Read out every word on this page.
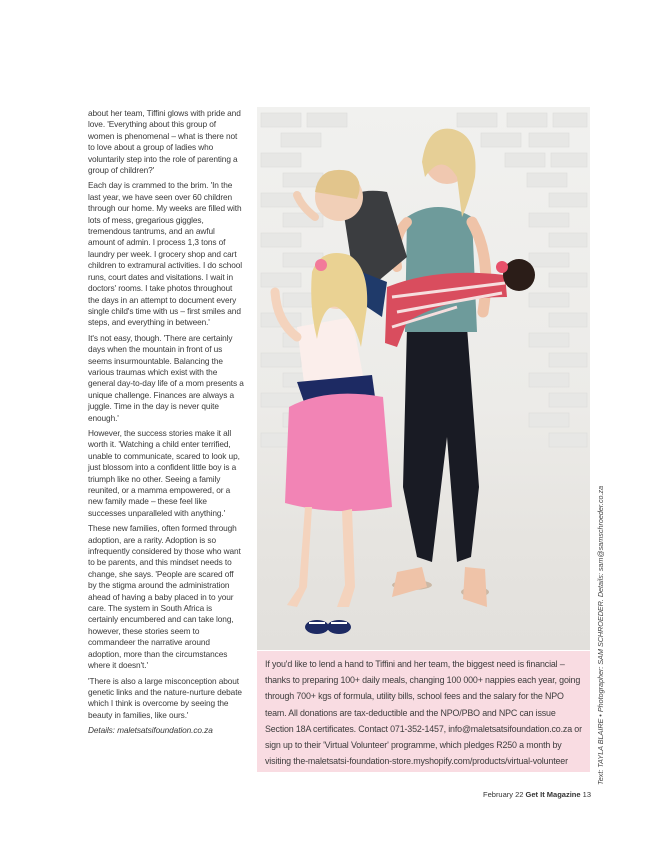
about her team, Tiffini glows with pride and love. 'Everything about this group of women is phenomenal – what is there not to love about a group of ladies who voluntarily step into the role of parenting a group of children?'

Each day is crammed to the brim. 'In the last year, we have seen over 60 children through our home. My weeks are filled with lots of mess, gregarious giggles, tremendous tantrums, and an awful amount of admin. I process 1,3 tons of laundry per week. I grocery shop and cart children to extramural activities. I do school runs, court dates and visitations. I wait in doctors' rooms. I take photos throughout the days in an attempt to document every single child's time with us – first smiles and steps, and everything in between.'

It's not easy, though. 'There are certainly days when the mountain in front of us seems insurmountable. Balancing the various traumas which exist with the general day-to-day life of a mom presents a unique challenge. Finances are always a juggle. Time in the day is never quite enough.'

However, the success stories make it all worth it. 'Watching a child enter terrified, unable to communicate, scared to look up, just blossom into a confident little boy is a triumph like no other. Seeing a family reunited, or a mamma empowered, or a new family made – these feel like successes unparalleled with anything.'

These new families, often formed through adoption, are a rarity. Adoption is so infrequently considered by those who want to be parents, and this mindset needs to change, she says. 'People are scared off by the stigma around the administration ahead of having a baby placed in to your care. The system in South Africa is certainly encumbered and can take long, however, these stories seem to commandeer the narrative around adoption, more than the circumstances where it doesn't.'

'There is also a large misconception about genetic links and the nature-nurture debate which I think is overcome by seeing the beauty in families, like ours.'

Details: maletsatsifoundation.co.za	Text: TAYLA BLAIRE • Photographer: SAM SCHROEDER. Details: sam@samschroeder.co.za
If you'd like to lend a hand to Tiffini and her team, the biggest need is financial – thanks to preparing 100+ daily meals, changing 100 000+ nappies each year, going through 700+ kgs of formula, utility bills, school fees and the salary for the NPO team. All donations are tax-deductible and the NPO/PBO and NPC can issue Section 18A certificates. Contact 071-352-1457, info@maletsatsifoundation.co.za or sign up to their 'Virtual Volunteer' programme, which pledges R250 a month by visiting the-maletsatsi-foundation-store.myshopify.com/products/virtual-volunteer
February 22 Get It Magazine 13
